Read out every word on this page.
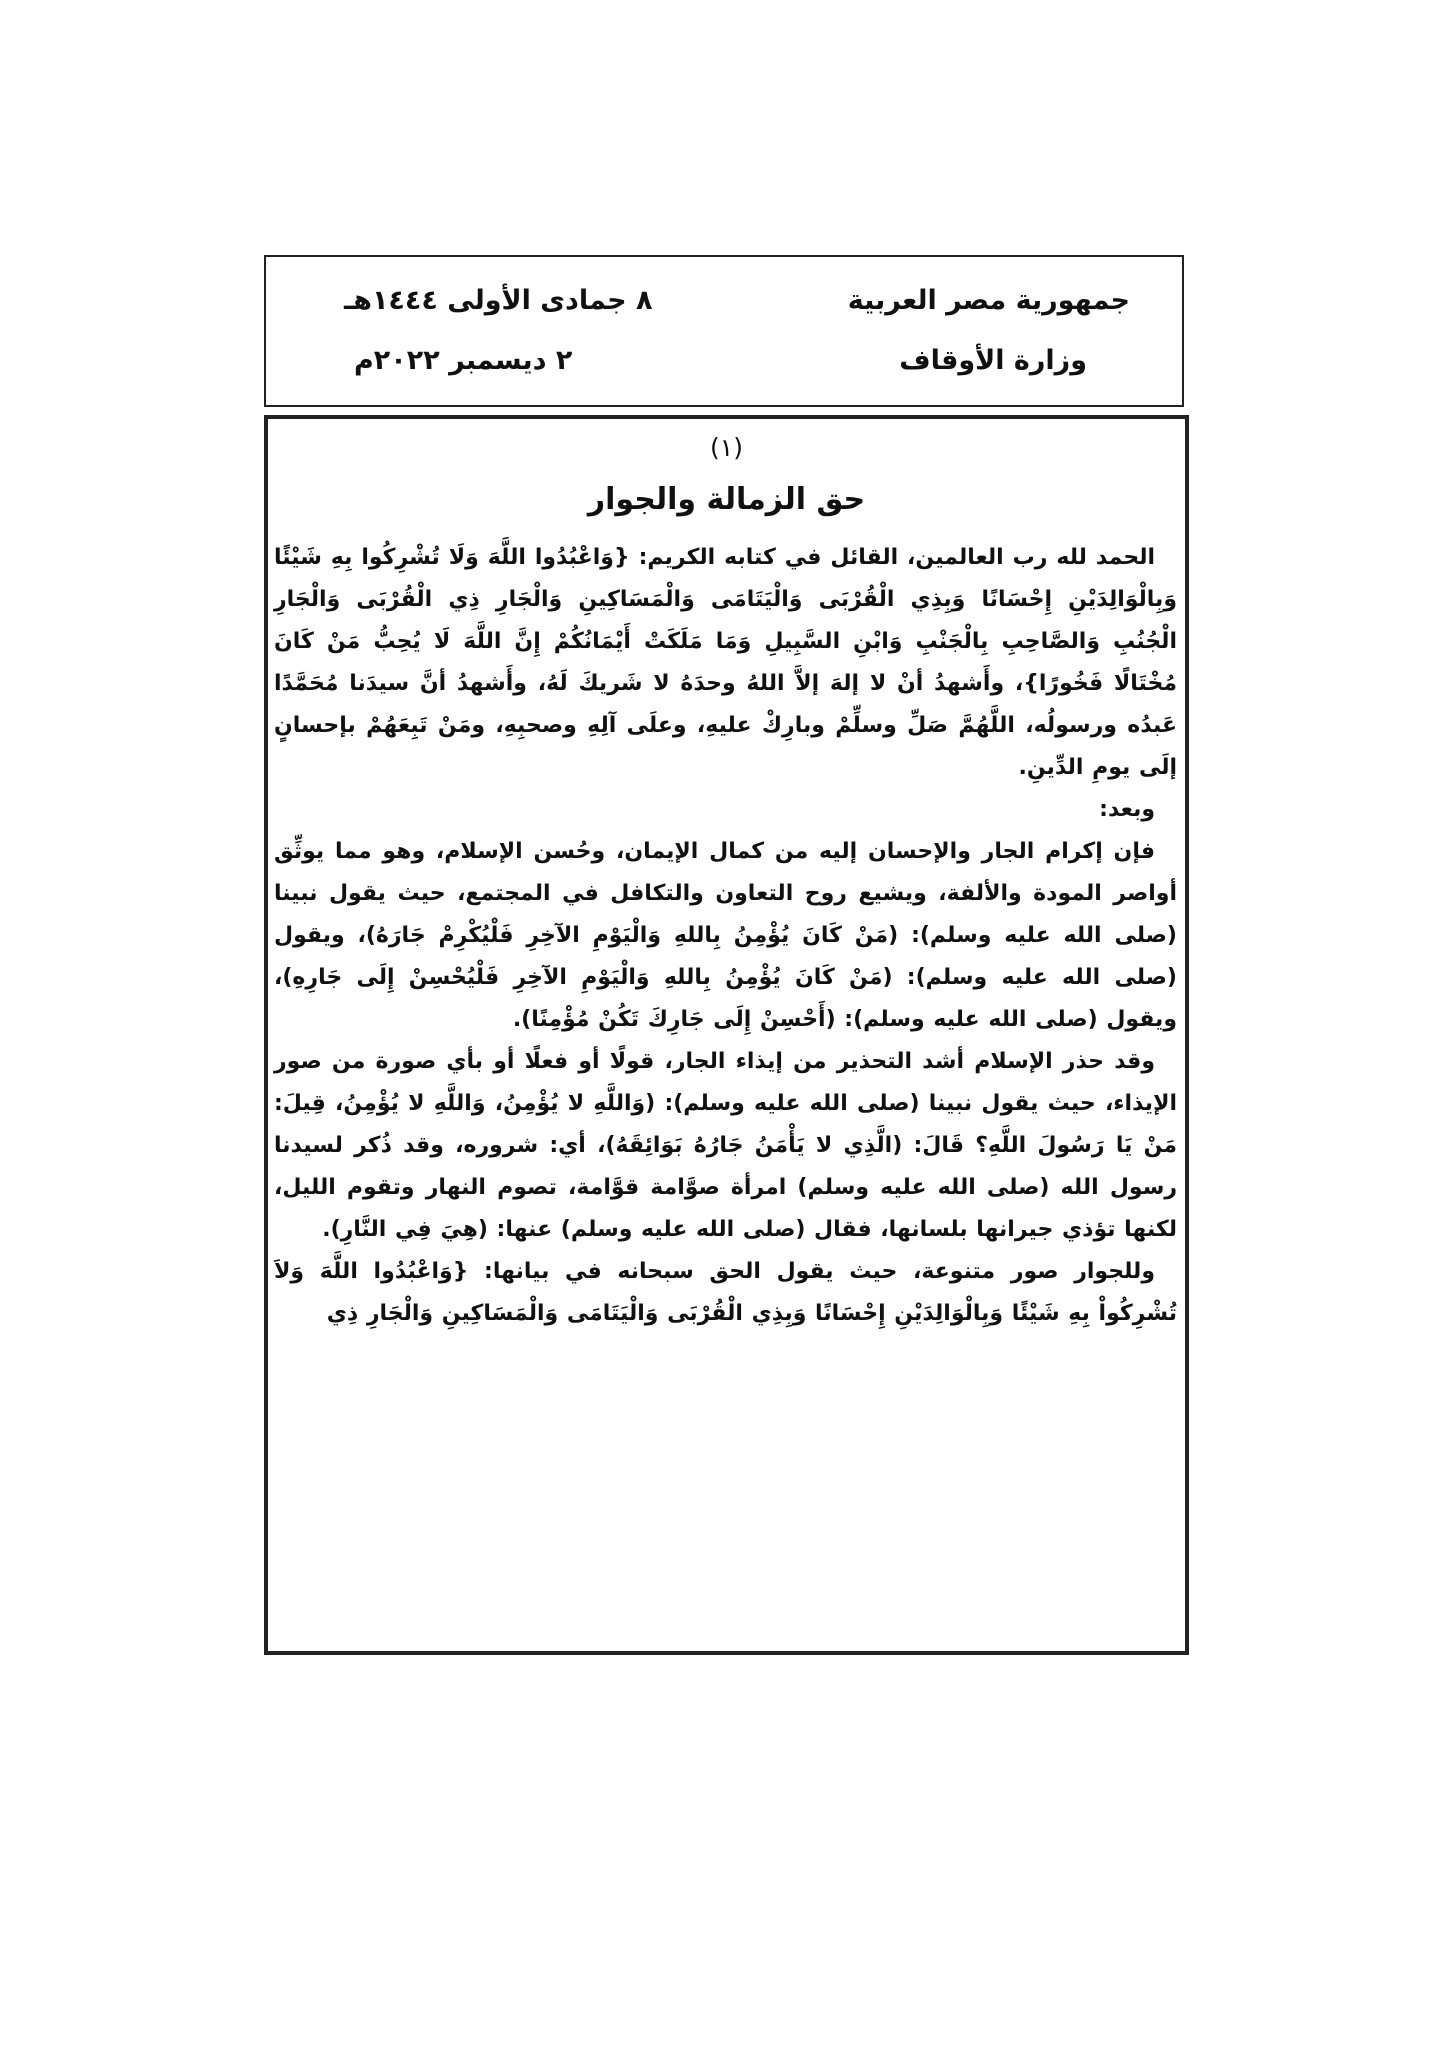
جمهورية مصر العربية
وزارة الأوقاف
٨ جمادى الأولى ١٤٤٤هـ
٢ ديسمبر ٢٠٢٢م
(١)
حق الزمالة والجوار

الحمد لله رب العالمين، القائل في كتابه الكريم: {وَاعْبُدُوا اللَّهَ وَلَا تُشْرِكُوا بِهِ شَيْئًا وَبِالْوَالِدَيْنِ إِحْسَانًا وَبِذِي الْقُرْبَى وَالْيَتَامَى وَالْمَسَاكِينِ وَالْجَارِ ذِي الْقُرْبَى وَالْجَارِ الْجُنُبِ وَالصَّاحِبِ بِالْجَنْبِ وَابْنِ السَّبِيلِ وَمَا مَلَكَتْ أَيْمَانُكُمْ إِنَّ اللَّهَ لَا يُحِبُّ مَنْ كَانَ مُخْتَالًا فَخُورًا}، وأَشهدُ أنْ لا إلهَ إلاَّ اللهُ وحدَهُ لا شَريكَ لَهُ، وأَشهدُ أنَّ سيدَنا مُحَمَّدًا عَبدُه ورسولُه، اللَّهُمَّ صَلِّ وسلِّمْ وبارِكْ عليهِ، وعلَى آلِهِ وصحبِهِ، ومَنْ تَبِعَهُمْ بإحسانٍ إلَى يومِ الدِّينِ.

وبعد:

فإن إكرام الجار والإحسان إليه من كمال الإيمان، وحُسن الإسلام، وهو مما يوثِّق أواصر المودة والألفة، ويشيع روح التعاون والتكافل في المجتمع، حيث يقول نبينا (صلى الله عليه وسلم): (مَنْ كَانَ يُؤْمِنُ بِاللهِ وَالْيَوْمِ الآخِرِ فَلْيُكْرِمْ جَارَهُ)، ويقول (صلى الله عليه وسلم): (مَنْ كَانَ يُؤْمِنُ بِاللهِ وَالْيَوْمِ الآخِرِ فَلْيُحْسِنْ إِلَى جَارِهِ)، ويقول (صلى الله عليه وسلم): (أَحْسِنْ إِلَى جَارِكَ تَكُنْ مُؤْمِنًا).

وقد حذر الإسلام أشد التحذير من إيذاء الجار، قولًا أو فعلًا أو بأي صورة من صور الإيذاء، حيث يقول نبينا (صلى الله عليه وسلم): (وَاللَّهِ لا يُؤْمِنُ، وَاللَّهِ لا يُؤْمِنُ، قِيلَ: مَنْ يَا رَسُولَ اللَّهِ؟ قَالَ: (الَّذِي لا يَأْمَنُ جَارُهُ بَوَائِقَهُ)، أي: شروره، وقد ذُكر لسيدنا رسول الله (صلى الله عليه وسلم) امرأة صوَّامة قوَّامة، تصوم النهار وتقوم الليل، لكنها تؤذي جيرانها بلسانها، فقال (صلى الله عليه وسلم) عنها: (هِيَ فِي النَّارِ).

وللجوار صور متنوعة، حيث يقول الحق سبحانه في بيانها: {وَاعْبُدُوا اللَّهَ وَلاَ تُشْرِكُواْ بِهِ شَيْئًا وَبِالْوَالِدَيْنِ إِحْسَانًا وَبِذِي الْقُرْبَى وَالْيَتَامَى وَالْمَسَاكِينِ وَالْجَارِ ذِي
